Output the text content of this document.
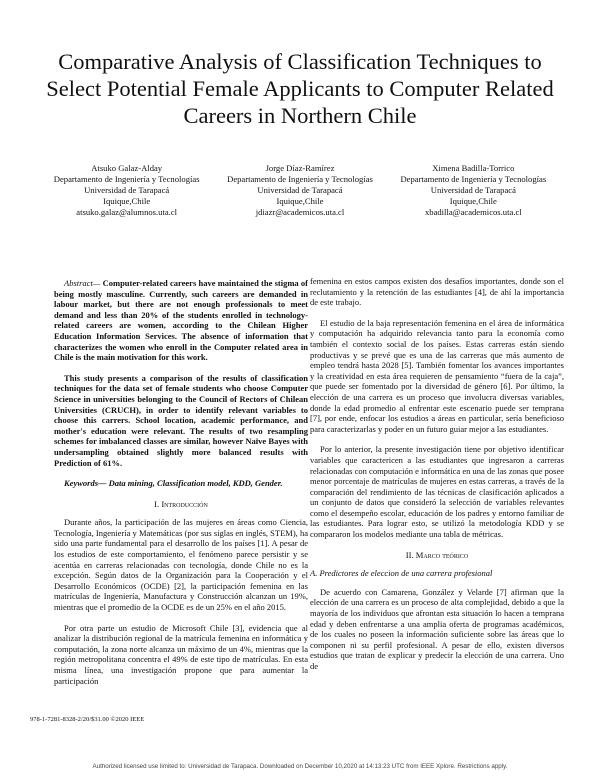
Comparative Analysis of Classification Techniques to Select Potential Female Applicants to Computer Related Careers in Northern Chile
Atsuko Galaz-Alday
Departamento de Ingeniería y Tecnologías
Universidad de Tarapacá
Iquique,Chile
atsuko.galaz@alumnos.uta.cl
Jorge Díaz-Ramírez
Departamento de Ingeniería y Tecnologías
Universidad de Tarapacá
Iquique,Chile
jdiazr@academicos.uta.cl
Ximena Badilla-Torrico
Departamento de Ingeniería y Tecnologías
Universidad de Tarapacá
Iquique,Chile
xbadilla@academicos.uta.cl

Abstract— Computer-related careers have maintained the stigma of being mostly masculine. Currently, such careers are demanded in labour market, but there are not enough professionals to meet demand and less than 20% of the students enrolled in technology-related careers are women, according to the Chilean Higher Education Information Services. The absence of information that characterizes the women who enroll in the Computer related area in Chile is the main motivation for this work.

This study presents a comparison of the results of classification techniques for the data set of female students who choose Computer Science in universities belonging to the Council of Rectors of Chilean Universities (CRUCH), in order to identify relevant variables to choose this carrers. School location, academic performance, and mother's education were relevant. The results of two resampling schemes for imbalanced classes are similar, however Naïve Bayes with undersampling obtained slightly more balanced results with Prediction of 61%.

Keywords— Data mining, Classification model, KDD, Gender.

I. Introducción

Durante años, la participación de las mujeres en áreas como Ciencia, Tecnología, Ingeniería y Matemáticas (por sus siglas en inglés, STEM), ha sido una parte fundamental para el desarrollo de los países [1]. A pesar de los estudios de este comportamiento, el fenómeno parece persistir y se acentúa en carreras relacionadas con tecnología, donde Chile no es la excepción. Según datos de la Organización para la Cooperación y el Desarrollo Económicos (OCDE) [2], la participación femenina en las matrículas de Ingeniería, Manufactura y Construcción alcanzan un 19%, mientras que el promedio de la OCDE es de un 25% en el año 2015.

Por otra parte un estudio de Microsoft Chile [3], evidencia que al analizar la distribución regional de la matrícula femenina en informática y computación, la zona norte alcanza un máximo de un 4%, mientras que la región metropolitana concentra el 49% de este tipo de matrículas. En esta misma línea, una investigación propone que para aumentar la participación

femenina en estos campos existen dos desafíos importantes, donde son el reclutamiento y la retención de las estudiantes [4], de ahí la importancia de este trabajo.

El estudio de la baja representación femenina en el área de informática y computación ha adquirido relevancia tanto para la economía como también el contexto social de los países. Estas carreras están siendo productivas y se prevé que es una de las carreras que más aumento de empleo tendrá hasta 2028 [5]. También fomentar los avances importantes y la creatividad en esta área requieren de pensamiento “fuera de la caja”, que puede ser fomentado por la diversidad de género [6]. Por último, la elección de una carrera es un proceso que involucra diversas variables, donde la edad promedio al enfrentar este escenario puede ser temprana [7], por ende, enfocar los estudios a áreas en particular, sería beneficioso para caracterizarlas y poder en un futuro guiar mejor a las estudiantes.

Por lo anterior, la presente investigación tiene por objetivo identificar variables que caractericen a las estudiantes que ingresaron a carreras relacionadas con computación e informática en una de las zonas que posee menor porcentaje de matrículas de mujeres en estas carreras, a través de la comparación del rendimiento de las técnicas de clasificación aplicados a un conjunto de datos que consideró la selección de variables relevantes como el desempeño escolar, educación de los padres y entorno familiar de las estudiantes. Para lograr esto, se utilizó la metodología KDD y se compararon los modelos mediante una tabla de métricas.

II. Marco teórico
A. Predictores de eleccion de una carrera profesional

De acuerdo con Camarena, González y Velarde [7] afirman que la elección de una carrera es un proceso de alta complejidad, debido a que la mayoría de los individuos que afrontan esta situación lo hacen a temprana edad y deben enfrentarse a una amplia oferta de programas académicos, de los cuales no poseen la información suficiente sobre las áreas que lo componen ni su perfil profesional. A pesar de ello, existen diversos estudios que tratan de explicar y predecir la elección de una carrera. Uno de

978-1-7281-8328-2/20/$31.00 ©2020 IEEE
Authorized licensed use limited to: Universidad de Tarapaca. Downloaded on December 10,2020 at 14:13:23 UTC from IEEE Xplore. Restrictions apply.
